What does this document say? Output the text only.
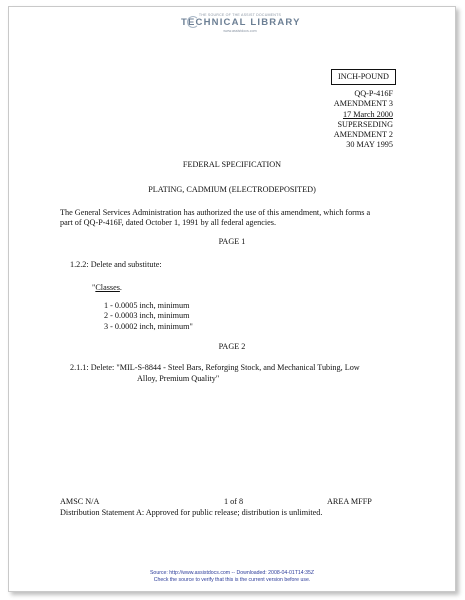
THE SOURCE OF THE ASSIST DOCUMENTS
TECHNICAL LIBRARY
www.assistdocs.com
INCH-POUND
QQ-P-416F
AMENDMENT 3
17 March 2000
SUPERSEDING
AMENDMENT 2
30 MAY 1995
FEDERAL SPECIFICATION
PLATING, CADMIUM (ELECTRODEPOSITED)
The General Services Administration has authorized the use of this amendment, which forms a
part of QQ-P-416F, dated October 1, 1991 by all federal agencies.
PAGE 1
1.2.2: Delete and substitute:
"Classes.
1 - 0.0005 inch, minimum
2 - 0.0003 inch, minimum
3 - 0.0002 inch, minimum"
PAGE 2
2.1.1: Delete: "MIL-S-8844 - Steel Bars, Reforging Stock, and Mechanical Tubing, Low
Alloy, Premium Quality"
AMSC N/A	1 of 8	AREA MFFP
Distribution Statement A: Approved for public release; distribution is unlimited.
Source: http://www.assistdocs.com -- Downloaded: 2008-04-01T14:35Z
Check the source to verify that this is the current version before use.
